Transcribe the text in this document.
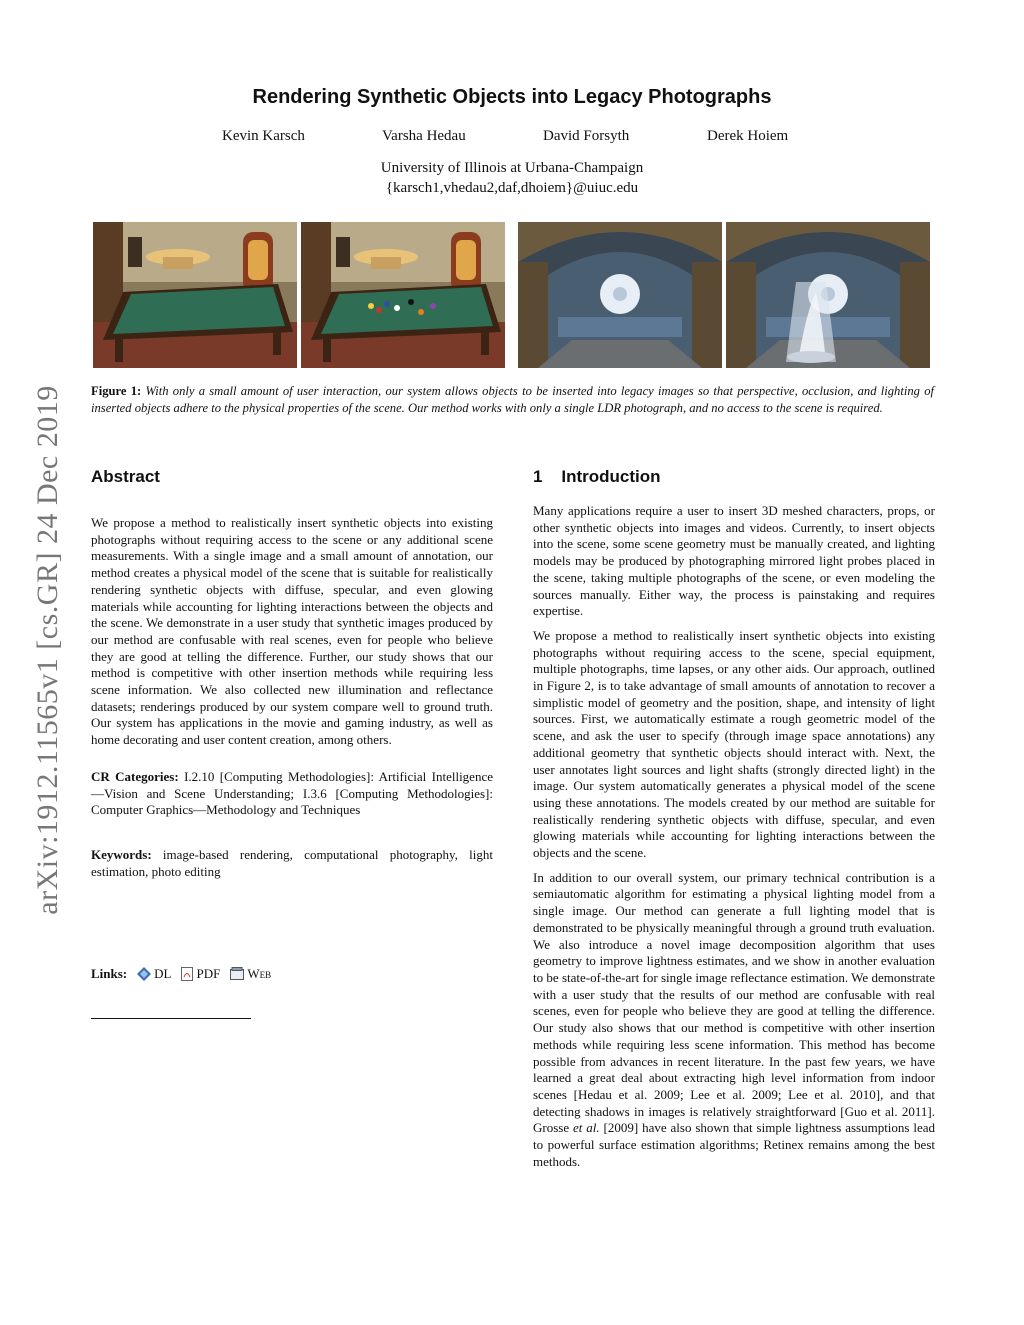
arXiv:1912.11565v1 [cs.GR] 24 Dec 2019
Rendering Synthetic Objects into Legacy Photographs
Kevin Karsch	Varsha Hedau	David Forsyth	Derek Hoiem
University of Illinois at Urbana-Champaign
{karsch1,vhedau2,daf,dhoiem}@uiuc.edu
Figure 1: With only a small amount of user interaction, our system allows objects to be inserted into legacy images so that perspective, occlusion, and lighting of inserted objects adhere to the physical properties of the scene. Our method works with only a single LDR photograph, and no access to the scene is required.
Abstract

We propose a method to realistically insert synthetic objects into existing photographs without requiring access to the scene or any additional scene measurements. With a single image and a small amount of annotation, our method creates a physical model of the scene that is suitable for realistically rendering synthetic objects with diffuse, specular, and even glowing materials while accounting for lighting interactions between the objects and the scene. We demonstrate in a user study that synthetic images produced by our method are confusable with real scenes, even for people who believe they are good at telling the difference. Further, our study shows that our method is competitive with other insertion methods while requiring less scene information. We also collected new illumination and reflectance datasets; renderings produced by our system compare well to ground truth. Our system has applications in the movie and gaming industry, as well as home decorating and user content creation, among others.

CR Categories: I.2.10 [Computing Methodologies]: Artificial Intelligence—Vision and Scene Understanding; I.3.6 [Computing Methodologies]: Computer Graphics—Methodology and Techniques

Keywords: image-based rendering, computational photography, light estimation, photo editing

Links: DL PDF Web
1 Introduction

Many applications require a user to insert 3D meshed characters, props, or other synthetic objects into images and videos. Currently, to insert objects into the scene, some scene geometry must be manually created, and lighting models may be produced by photographing mirrored light probes placed in the scene, taking multiple photographs of the scene, or even modeling the sources manually. Either way, the process is painstaking and requires expertise.

We propose a method to realistically insert synthetic objects into existing photographs without requiring access to the scene, special equipment, multiple photographs, time lapses, or any other aids. Our approach, outlined in Figure 2, is to take advantage of small amounts of annotation to recover a simplistic model of geometry and the position, shape, and intensity of light sources. First, we automatically estimate a rough geometric model of the scene, and ask the user to specify (through image space annotations) any additional geometry that synthetic objects should interact with. Next, the user annotates light sources and light shafts (strongly directed light) in the image. Our system automatically generates a physical model of the scene using these annotations. The models created by our method are suitable for realistically rendering synthetic objects with diffuse, specular, and even glowing materials while accounting for lighting interactions between the objects and the scene.

In addition to our overall system, our primary technical contribution is a semiautomatic algorithm for estimating a physical lighting model from a single image. Our method can generate a full lighting model that is demonstrated to be physically meaningful through a ground truth evaluation. We also introduce a novel image decomposition algorithm that uses geometry to improve lightness estimates, and we show in another evaluation to be state-of-the-art for single image reflectance estimation. We demonstrate with a user study that the results of our method are confusable with real scenes, even for people who believe they are good at telling the difference. Our study also shows that our method is competitive with other insertion methods while requiring less scene information. This method has become possible from advances in recent literature. In the past few years, we have learned a great deal about extracting high level information from indoor scenes [Hedau et al. 2009; Lee et al. 2009; Lee et al. 2010], and that detecting shadows in images is relatively straightforward [Guo et al. 2011]. Grosse et al. [2009] have also shown that simple lightness assumptions lead to powerful surface estimation algorithms; Retinex remains among the best methods.
